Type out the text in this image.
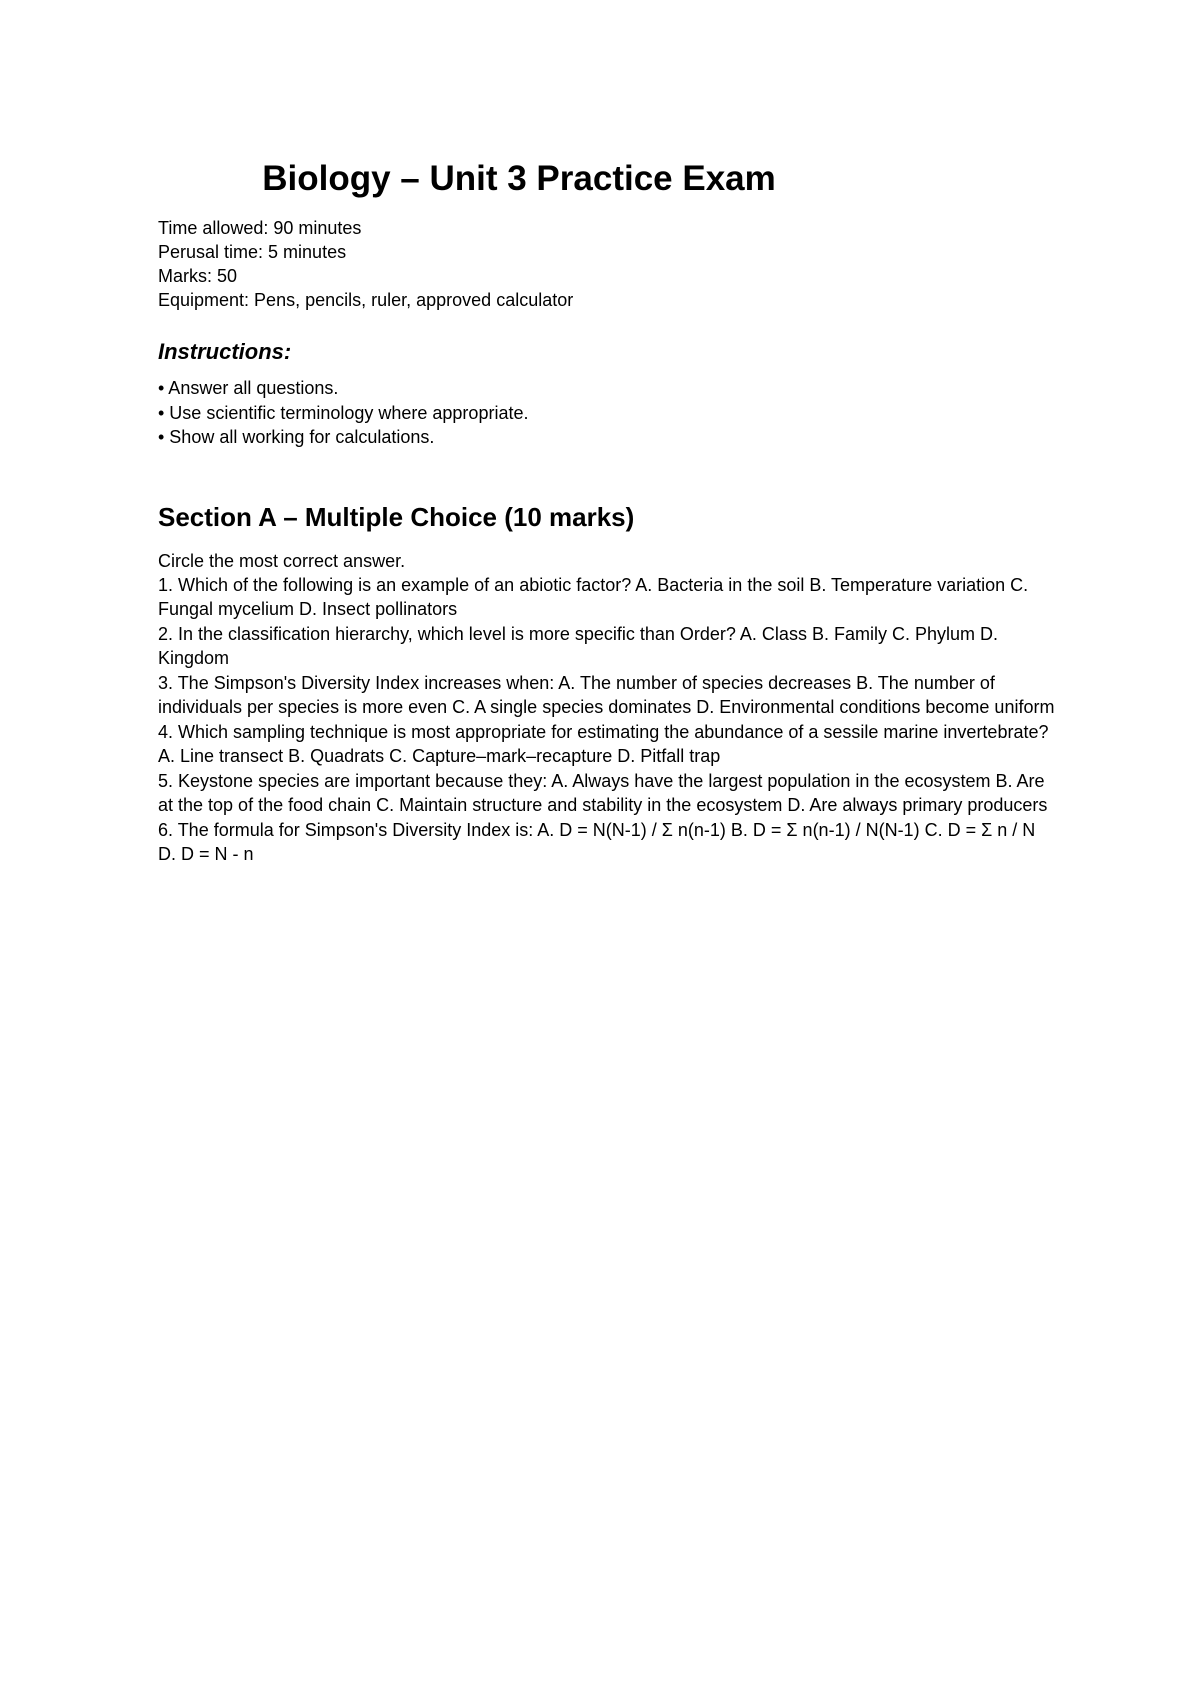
Biology – Unit 3 Practice Exam

Time allowed: 90 minutes

Perusal time: 5 minutes

Marks: 50

Equipment: Pens, pencils, ruler, approved calculator

Instructions:

• Answer all questions.

• Use scientific terminology where appropriate.

• Show all working for calculations.

Section A – Multiple Choice (10 marks)

Circle the most correct answer.

1. Which of the following is an example of an abiotic factor? A. Bacteria in the soil B. Temperature variation C. Fungal mycelium D. Insect pollinators

2. In the classification hierarchy, which level is more specific than Order? A. Class B. Family C. Phylum D. Kingdom

3. The Simpson's Diversity Index increases when: A. The number of species decreases B. The number of individuals per species is more even C. A single species dominates D. Environmental conditions become uniform

4. Which sampling technique is most appropriate for estimating the abundance of a sessile marine invertebrate? A. Line transect B. Quadrats C. Capture–mark–recapture D. Pitfall trap

5. Keystone species are important because they: A. Always have the largest population in the ecosystem B. Are at the top of the food chain C. Maintain structure and stability in the ecosystem D. Are always primary producers

6. The formula for Simpson's Diversity Index is: A. D = N(N-1) / Σ n(n-1) B. D = Σ n(n-1) / N(N-1) C. D = Σ n / N D. D = N - n
